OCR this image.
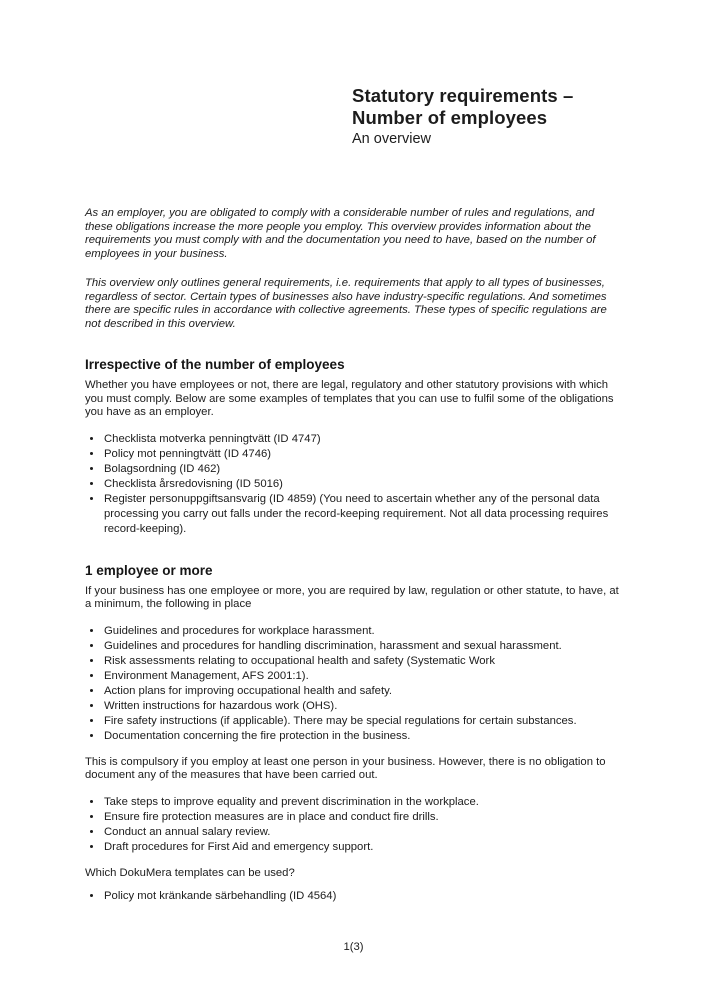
Statutory requirements –
Number of employees

An overview

As an employer, you are obligated to comply with a considerable number of rules and regulations, and these obligations increase the more people you employ. This overview provides information about the requirements you must comply with and the documentation you need to have, based on the number of employees in your business.

This overview only outlines general requirements, i.e. requirements that apply to all types of businesses, regardless of sector. Certain types of businesses also have industry-specific regulations. And sometimes there are specific rules in accordance with collective agreements. These types of specific regulations are not described in this overview.

Irrespective of the number of employees

Whether you have employees or not, there are legal, regulatory and other statutory provisions with which you must comply. Below are some examples of templates that you can use to fulfil some of the obligations you have as an employer.

• Checklista motverka penningtvätt (ID 4747)
• Policy mot penningtvätt (ID 4746)
• Bolagsordning (ID 462)
• Checklista årsredovisning (ID 5016)
• Register personuppgiftsansvarig (ID 4859) (You need to ascertain whether any of the personal data processing you carry out falls under the record-keeping requirement. Not all data processing requires record-keeping).
1 employee or more

If your business has one employee or more, you are required by law, regulation or other statute, to have, at a minimum, the following in place

• Guidelines and procedures for workplace harassment.
• Guidelines and procedures for handling discrimination, harassment and sexual harassment.
• Risk assessments relating to occupational health and safety (Systematic Work
• Environment Management, AFS 2001:1).
• Action plans for improving occupational health and safety.
• Written instructions for hazardous work (OHS).
• Fire safety instructions (if applicable). There may be special regulations for certain substances.
• Documentation concerning the fire protection in the business.

This is compulsory if you employ at least one person in your business. However, there is no obligation to document any of the measures that have been carried out.

• Take steps to improve equality and prevent discrimination in the workplace.
• Ensure fire protection measures are in place and conduct fire drills.
• Conduct an annual salary review.
• Draft procedures for First Aid and emergency support.

Which DokuMera templates can be used?

• Policy mot kränkande särbehandling (ID 4564)
1(3)
